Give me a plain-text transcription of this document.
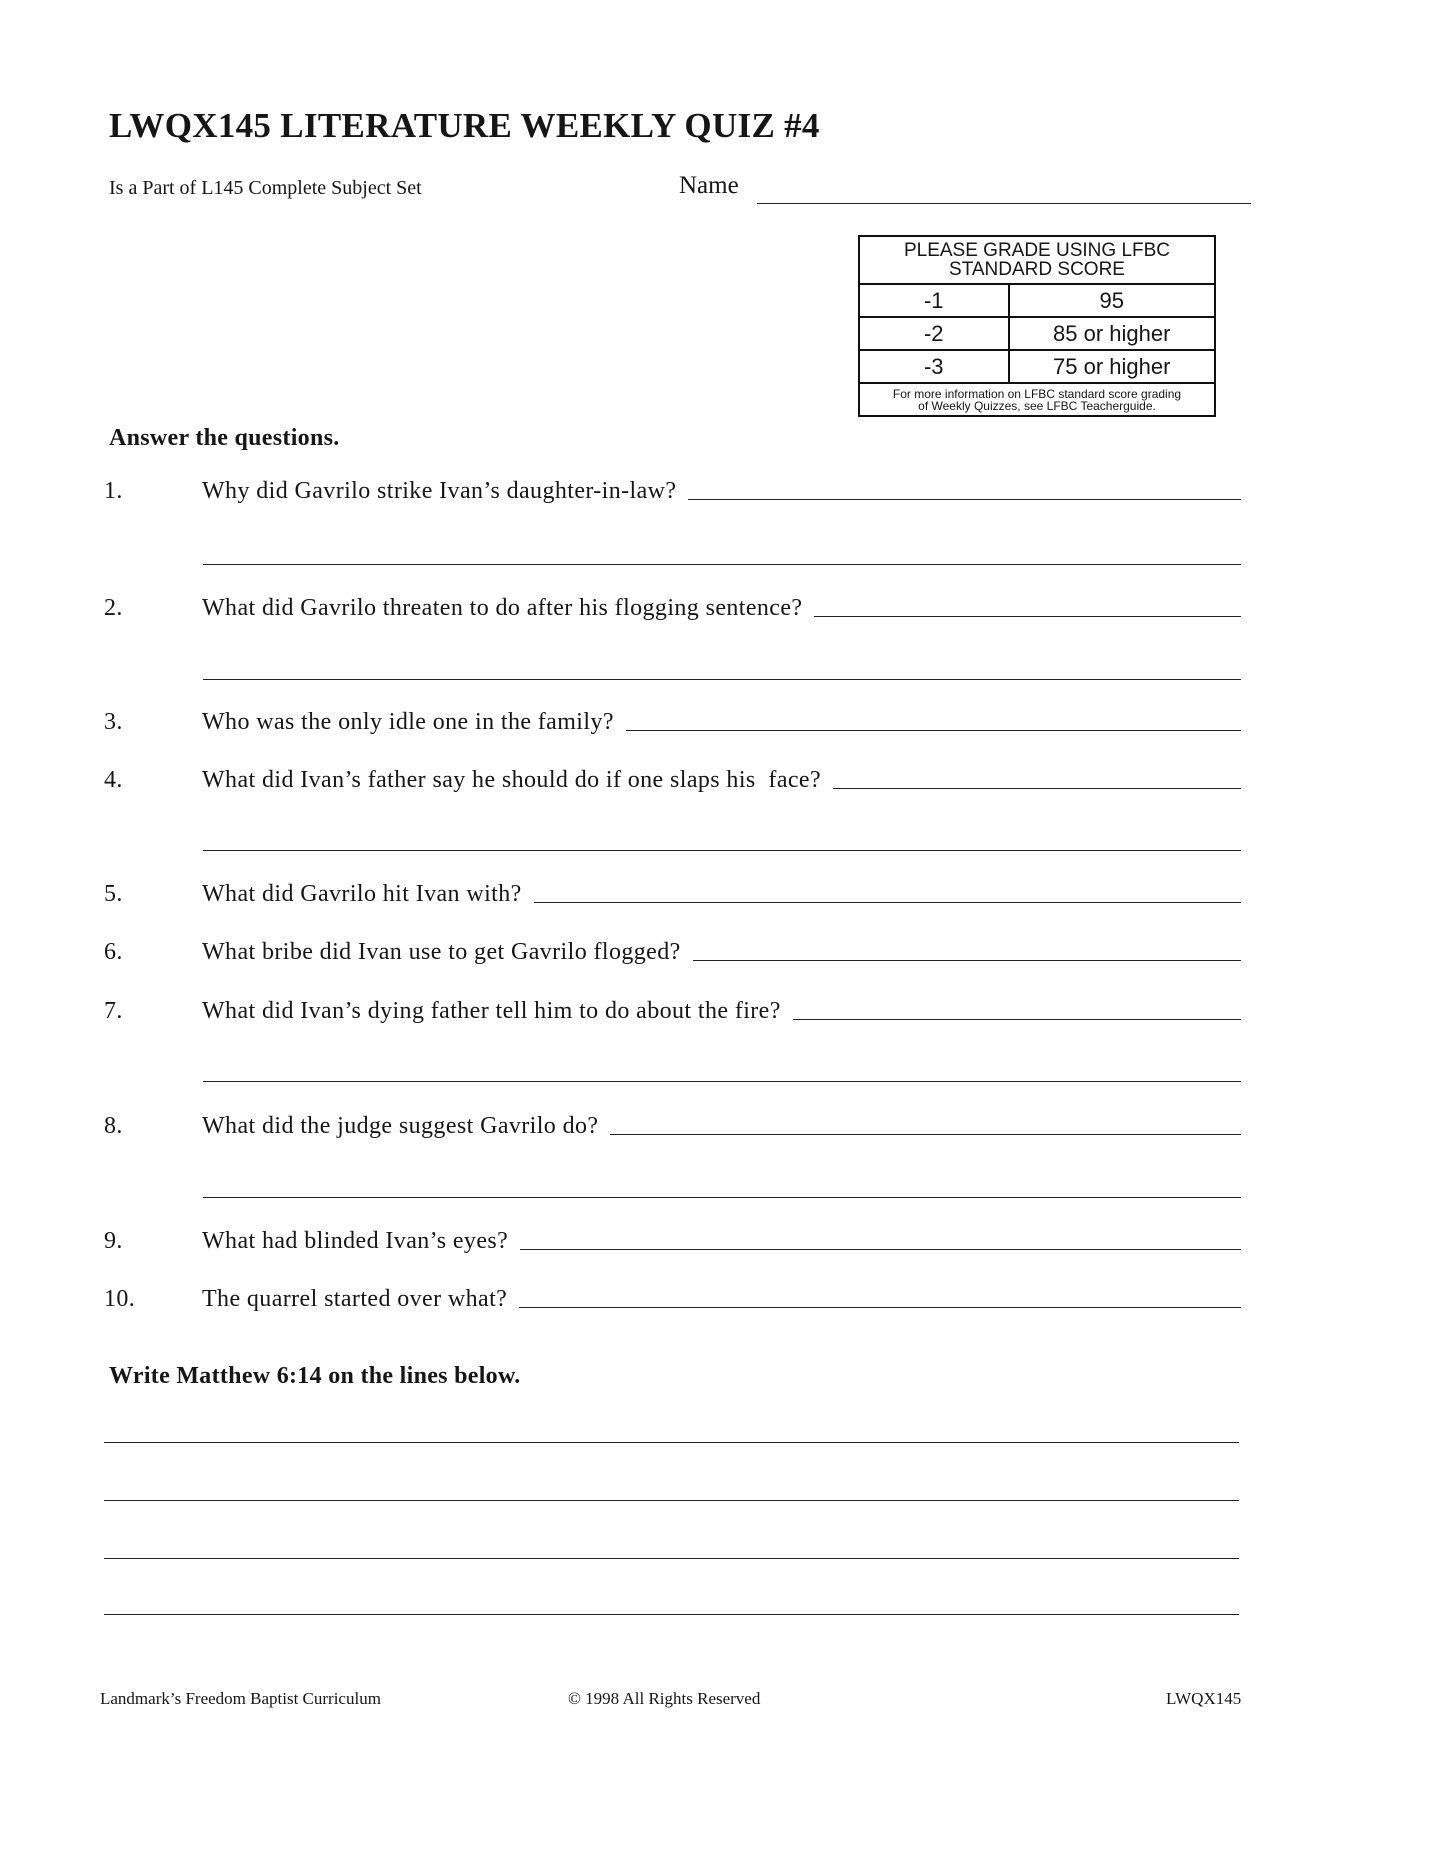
LWQX145 LITERATURE WEEKLY QUIZ #4
Is a Part of L145 Complete Subject Set	Name
PLEASE GRADE USING LFBC
STANDARD SCORE	
-1	95
-2	85 or higher
-3	75 or higher
For more information on LFBC standard score grading
of Weekly Quizzes, see LFBC Teacherguide.	
Answer the questions.
1.	Why did Gavrilo strike Ivan’s daughter-in-law?
2.	What did Gavrilo threaten to do after his flogging sentence?
3.	Who was the only idle one in the family?
4.	What did Ivan’s father say he should do if one slaps his  face?
5.	What did Gavrilo hit Ivan with?
6.	What bribe did Ivan use to get Gavrilo flogged?
7.	What did Ivan’s dying father tell him to do about the fire?
8.	What did the judge suggest Gavrilo do?
9.	What had blinded Ivan’s eyes?
10.	The quarrel started over what?
Write Matthew 6:14 on the lines below.
Landmark’s Freedom Baptist Curriculum	© 1998 All Rights Reserved	LWQX145
